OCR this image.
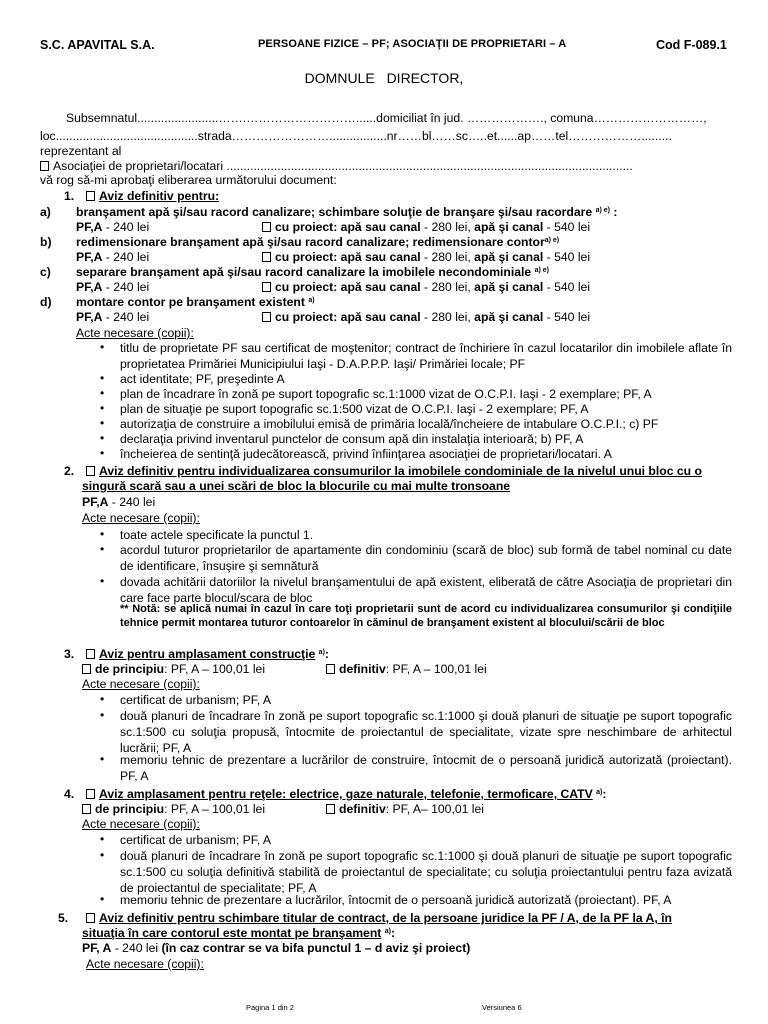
S.C. APAVITAL S.A.	PERSOANE FIZICE – PF; ASOCIAŢII DE PROPRIETARI – A	Cod F-089.1
DOMNULE DIRECTOR,
Subsemnatul........................…….………………………......domiciliat în jud. ………………., comuna………………………,
loc..........................................strada…………………….................nr……bl……sc…..et......ap……tel……………….........
reprezentant al
Asociaţiei de proprietari/locatari ........................................................................................................................
vă rog să-mi aprobaţi eliberarea următorului document:
1.	Aviz definitiv pentru:
a) branşament apă şi/sau racord canalizare; schimbare soluţie de branşare şi/sau racordare $^{a) e)}$ :
PF,A - 240 lei	cu proiect: apă sau canal - 280 lei, apă şi canal - 540 lei
b) redimensionare branşament apă şi/sau racord canalizare; redimensionare contor$^{a) e)}$
PF,A - 240 lei	cu proiect: apă sau canal - 280 lei, apă şi canal - 540 lei
c) separare branşament apă şi/sau racord canalizare la imobilele necondominiale $^{a) e)}$
PF,A - 240 lei	cu proiect: apă sau canal - 280 lei, apă şi canal - 540 lei
d) montare contor pe branşament existent $^{a)}$
PF,A - 240 lei	cu proiect: apă sau canal - 280 lei, apă şi canal - 540 lei
Acte necesare (copii):
•	titlu de proprietate PF sau certificat de moştenitor; contract de închiriere în cazul locatarilor din imobilele aflate în proprietatea Primăriei Municipiului Iaşi - D.A.P.P.P. Iaşi/ Primăriei locale; PF
•	act identitate; PF, preşedinte A
•	plan de încadrare în zonă pe suport topografic sc.1:1000 vizat de O.C.P.I. Iaşi - 2 exemplare; PF, A
•	plan de situaţie pe suport topografic sc.1:500 vizat de O.C.P.I. Iaşi - 2 exemplare; PF, A
•	autorizaţia de construire a imobilului emisă de primăria locală/încheiere de intabulare O.C.P.I.; c) PF
•	declaraţia privind inventarul punctelor de consum apă din instalaţia interioară; b) PF, A
•	încheierea de sentinţă judecătorească, privind înfiinţarea asociaţiei de proprietari/locatari. A
2.	Aviz definitiv pentru individualizarea consumurilor la imobilele condominiale de la nivelul unui bloc cu o
singură scară sau a unei scări de bloc la blocurile cu mai multe tronsoane
PF,A - 240 lei
Acte necesare (copii):
•	toate actele specificate la punctul 1.
•	acordul tuturor proprietarilor de apartamente din condominiu (scară de bloc) sub formă de tabel nominal cu date de identificare, însuşire şi semnătură
•	dovada achitării datoriilor la nivelul branşamentului de apă existent, eliberată de către Asociaţia de proprietari din care face parte blocul/scara de bloc
** Notă: se aplică numai în cazul în care toţi proprietarii sunt de acord cu individualizarea consumurilor şi condiţiile tehnice permit montarea tuturor contoarelor în căminul de branşament existent al blocului/scării de bloc
3.	Aviz pentru amplasament construcţie $^{a)}$:
de principiu: PF, A – 100,01 lei	definitiv: PF, A – 100,01 lei
Acte necesare (copii):
•	certificat de urbanism; PF, A
•	două planuri de încadrare în zonă pe suport topografic sc.1:1000 şi două planuri de situaţie pe suport topografic sc.1:500 cu soluţia propusă, întocmite de proiectantul de specialitate, vizate spre neschimbare de arhitectul lucrării; PF, A
•	memoriu tehnic de prezentare a lucrărilor de construire, întocmit de o persoană juridică autorizată (proiectant). PF, A
4.	Aviz amplasament pentru reţele: electrice, gaze naturale, telefonie, termoficare, CATV $^{a)}$:
de principiu: PF, A – 100,01 lei	definitiv: PF, A– 100,01 lei
Acte necesare (copii):
•	certificat de urbanism; PF, A
•	două planuri de încadrare în zonă pe suport topografic sc.1:1000 şi două planuri de situaţie pe suport topografic sc.1:500 cu soluţia definitivă stabilită de proiectantul de specialitate; cu soluţia proiectantului pentru faza avizată de proiectantul de specialitate; PF, A
•	memoriu tehnic de prezentare a lucrărilor, întocmit de o persoană juridică autorizată (proiectant). PF, A
5.	Aviz definitiv pentru schimbare titular de contract, de la persoane juridice la PF / A, de la PF la A, în
situaţia în care contorul este montat pe branşament $^{a)}$:
PF, A - 240 lei (în caz contrar se va bifa punctul 1 – d aviz şi proiect)
Acte necesare (copii):
Pagina 1 din 2	Versiunea 6
